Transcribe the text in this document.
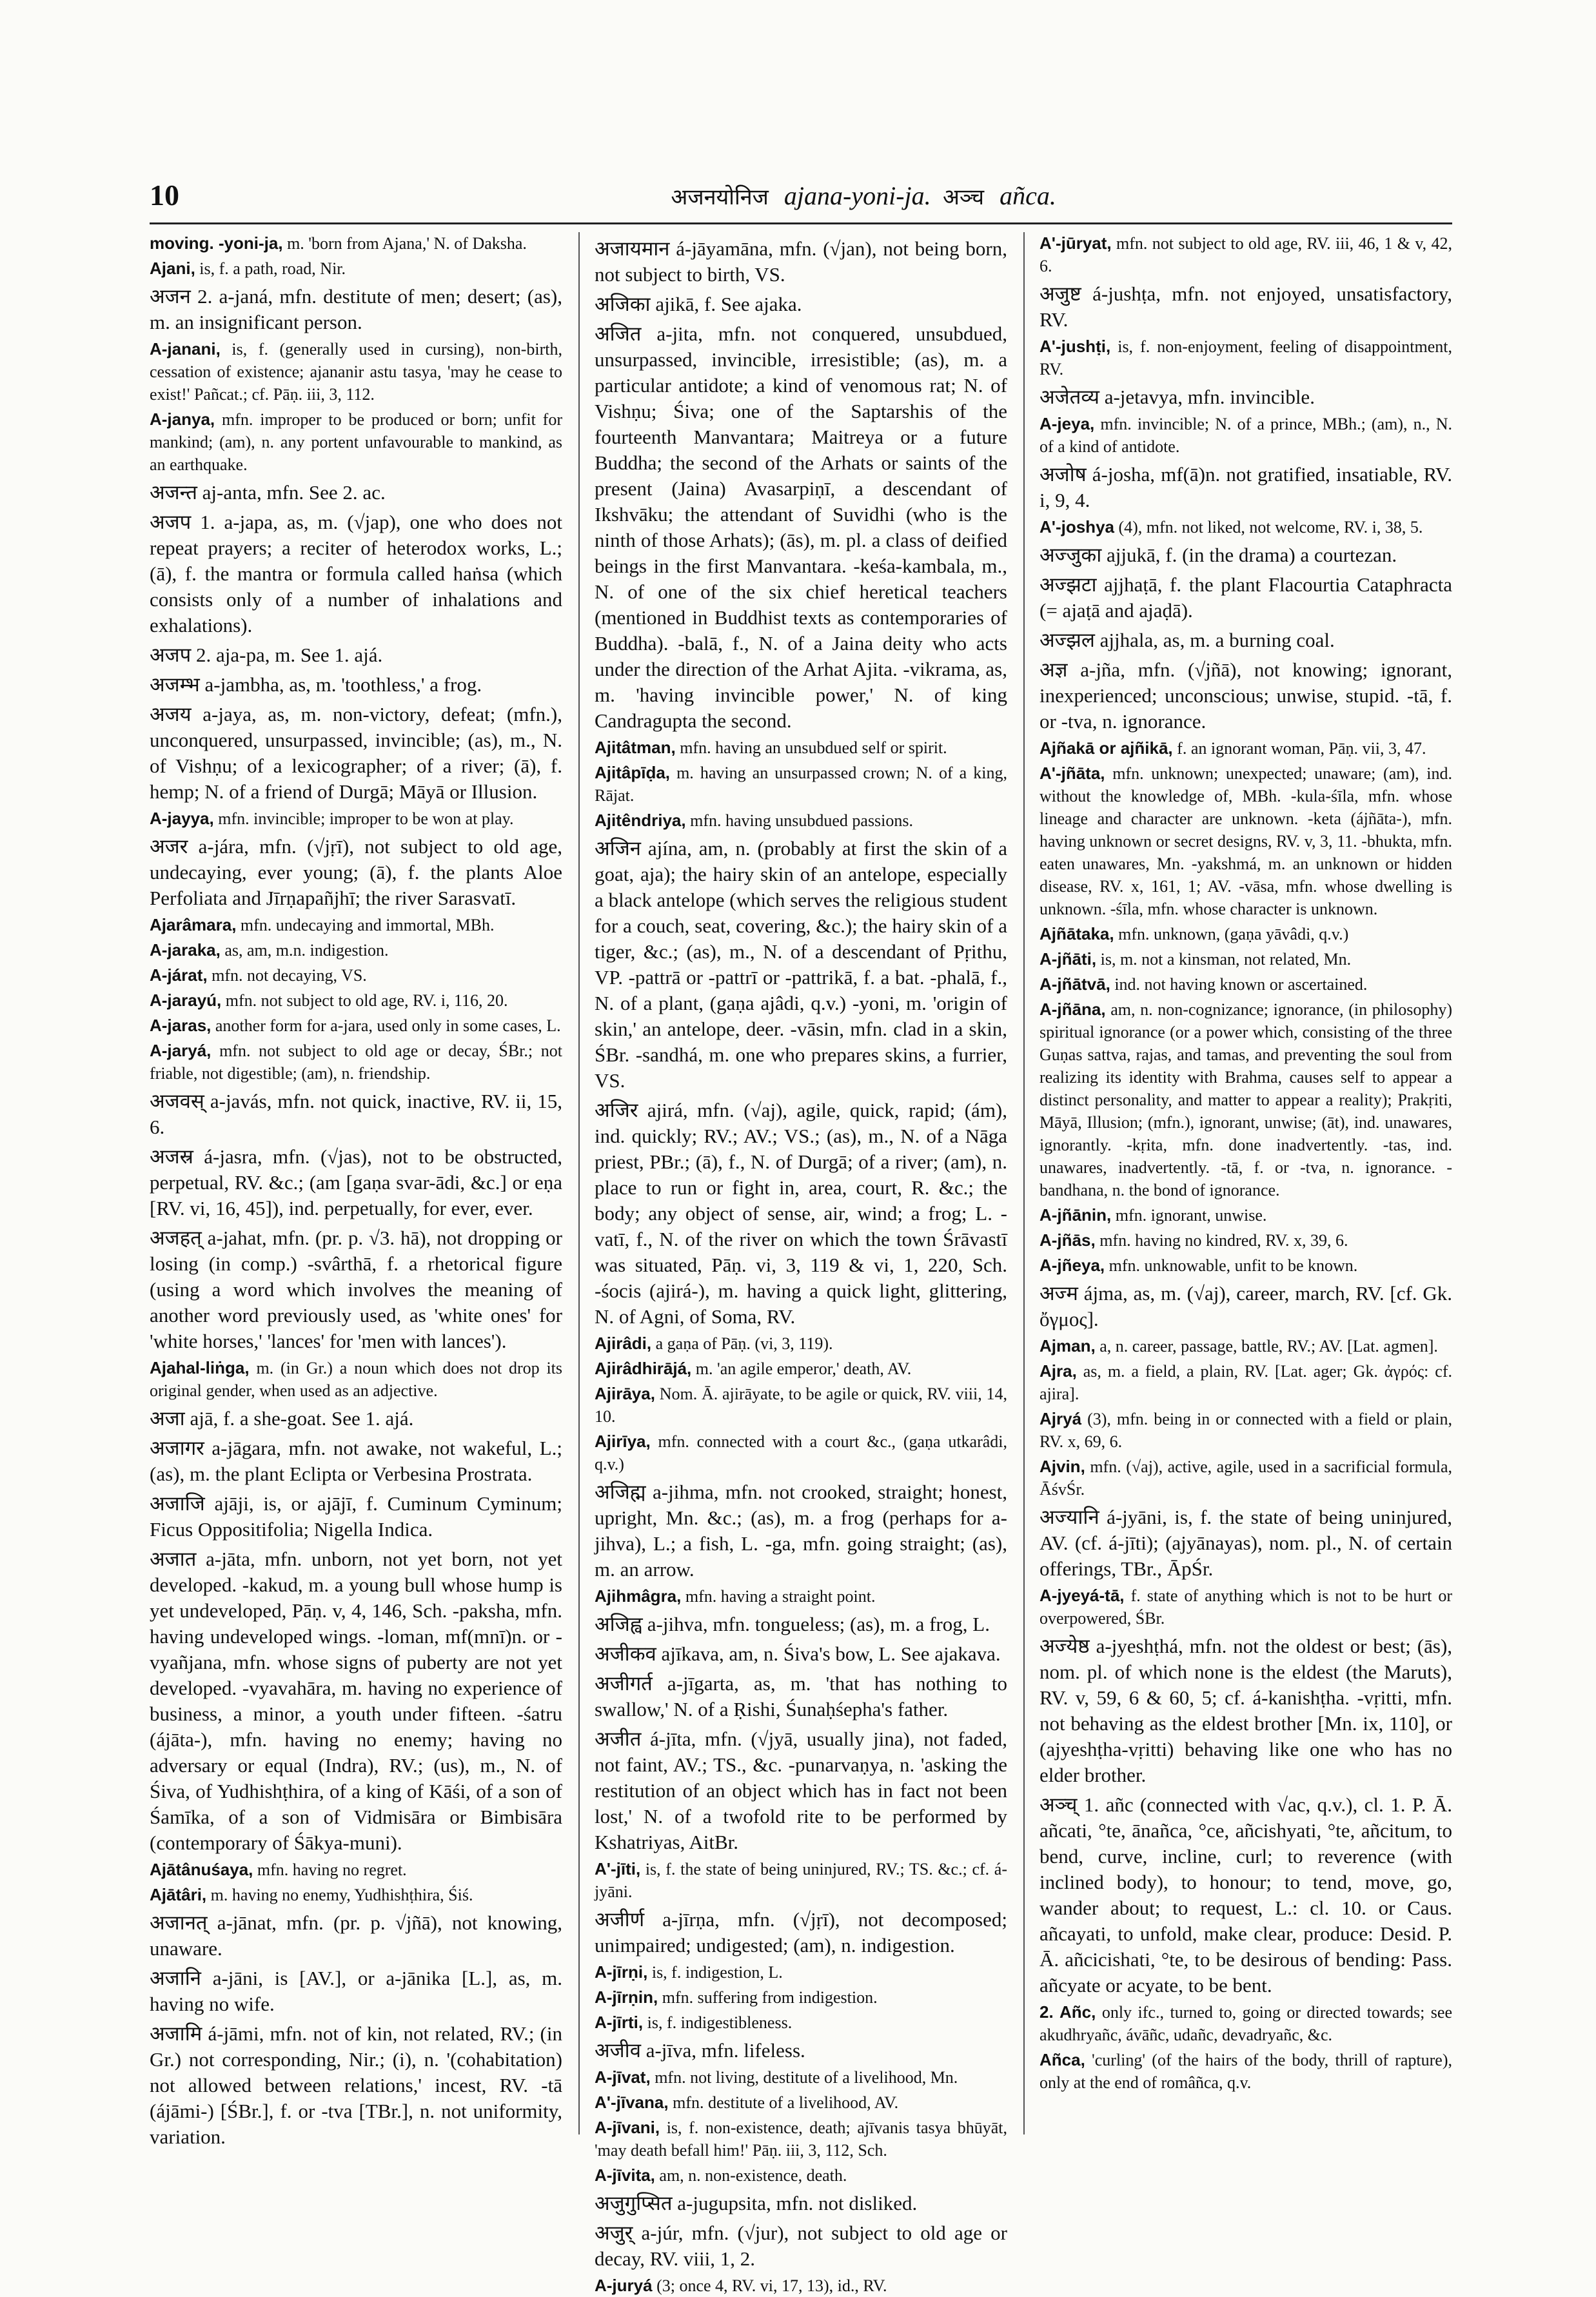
10	अजनयोनिज ajana-yoni-ja. अञ्च añca.

moving. -yoni-ja, m. 'born from Ajana,' N. of Daksha.

Ajani, is, f. a path, road, Nir.

अजन 2. a-janá, mfn. destitute of men; desert; (as), m. an insignificant person.

A-janani, is, f. (generally used in cursing), non-birth, cessation of existence; ajananir astu tasya, 'may he cease to exist!' Pañcat.; cf. Pāṇ. iii, 3, 112.

A-janya, mfn. improper to be produced or born; unfit for mankind; (am), n. any portent unfavourable to mankind, as an earthquake.

अजन्त aj-anta, mfn. See 2. ac.

अजप 1. a-japa, as, m. (√jap), one who does not repeat prayers; a reciter of heterodox works, L.; (ā), f. the mantra or formula called haṅsa (which consists only of a number of inhalations and exhalations).

अजप 2. aja-pa, m. See 1. ajá.

अजम्भ a-jambha, as, m. 'toothless,' a frog.

अजय a-jaya, as, m. non-victory, defeat; (mfn.), unconquered, unsurpassed, invincible; (as), m., N. of Vishṇu; of a lexicographer; of a river; (ā), f. hemp; N. of a friend of Durgā; Māyā or Illusion.

A-jayya, mfn. invincible; improper to be won at play.

अजर a-jára, mfn. (√jṛī), not subject to old age, undecaying, ever young; (ā), f. the plants Aloe Perfoliata and Jīrṇapañjhī; the river Sarasvatī.

Ajarâmara, mfn. undecaying and immortal, MBh.

A-jaraka, as, am, m.n. indigestion.

A-járat, mfn. not decaying, VS.

A-jarayú, mfn. not subject to old age, RV. i, 116, 20.

A-jaras, another form for a-jara, used only in some cases, L.

A-jaryá, mfn. not subject to old age or decay, ŚBr.; not friable, not digestible; (am), n. friendship.

अजवस् a-javás, mfn. not quick, inactive, RV. ii, 15, 6.

अजस्र á-jasra, mfn. (√jas), not to be obstructed, perpetual, RV. &c.; (am [gaṇa svar-ādi, &c.] or eṇa [RV. vi, 16, 45]), ind. perpetually, for ever, ever.

अजहत् a-jahat, mfn. (pr. p. √3. hā), not dropping or losing (in comp.) -svârthā, f. a rhetorical figure (using a word which involves the meaning of another word previously used, as 'white ones' for 'white horses,' 'lances' for 'men with lances').

Ajahal-liṅga, m. (in Gr.) a noun which does not drop its original gender, when used as an adjective.

अजा ajā, f. a she-goat. See 1. ajá.

अजागर a-jāgara, mfn. not awake, not wakeful, L.; (as), m. the plant Eclipta or Verbesina Prostrata.

अजाजि ajāji, is, or ajājī, f. Cuminum Cyminum; Ficus Oppositifolia; Nigella Indica.

अजात a-jāta, mfn. unborn, not yet born, not yet developed. -kakud, m. a young bull whose hump is yet undeveloped, Pāṇ. v, 4, 146, Sch. -paksha, mfn. having undeveloped wings. -loman, mf(mnī)n. or -vyañjana, mfn. whose signs of puberty are not yet developed. -vyavahāra, m. having no experience of business, a minor, a youth under fifteen. -śatru (ájāta-), mfn. having no enemy; having no adversary or equal (Indra), RV.; (us), m., N. of Śiva, of Yudhishṭhira, of a king of Kāśi, of a son of Śamīka, of a son of Vidmisāra or Bimbisāra (contemporary of Śākya-muni).

Ajātânuśaya, mfn. having no regret.

Ajātâri, m. having no enemy, Yudhishṭhira, Śiś.

अजानत् a-jānat, mfn. (pr. p. √jñā), not knowing, unaware.

अजानि a-jāni, is [AV.], or a-jānika [L.], as, m. having no wife.

अजामि á-jāmi, mfn. not of kin, not related, RV.; (in Gr.) not corresponding, Nir.; (i), n. '(cohabitation) not allowed between relations,' incest, RV. -tā (ájāmi-) [ŚBr.], f. or -tva [TBr.], n. not uniformity, variation.

अजायमान á-jāyamāna, mfn. (√jan), not being born, not subject to birth, VS.

अजिका ajikā, f. See ajaka.

अजित a-jita, mfn. not conquered, unsubdued, unsurpassed, invincible, irresistible; (as), m. a particular antidote; a kind of venomous rat; N. of Vishṇu; Śiva; one of the Saptarshis of the fourteenth Manvantara; Maitreya or a future Buddha; the second of the Arhats or saints of the present (Jaina) Avasarpiṇī, a descendant of Ikshvāku; the attendant of Suvidhi (who is the ninth of those Arhats); (ās), m. pl. a class of deified beings in the first Manvantara. -keśa-kambala, m., N. of one of the six chief heretical teachers (mentioned in Buddhist texts as contemporaries of Buddha). -balā, f., N. of a Jaina deity who acts under the direction of the Arhat Ajita. -vikrama, as, m. 'having invincible power,' N. of king Candragupta the second.

Ajitâtman, mfn. having an unsubdued self or spirit.

Ajitâpīḍa, m. having an unsurpassed crown; N. of a king, Rājat.

Ajitêndriya, mfn. having unsubdued passions.

अजिन ajína, am, n. (probably at first the skin of a goat, aja); the hairy skin of an antelope, especially a black antelope (which serves the religious student for a couch, seat, covering, &c.); the hairy skin of a tiger, &c.; (as), m., N. of a descendant of Pṛithu, VP. -pattrā or -pattrī or -pattrikā, f. a bat. -phalā, f., N. of a plant, (gaṇa ajâdi, q.v.) -yoni, m. 'origin of skin,' an antelope, deer. -vāsin, mfn. clad in a skin, ŚBr. -sandhá, m. one who prepares skins, a furrier, VS.

अजिर ajirá, mfn. (√aj), agile, quick, rapid; (ám), ind. quickly; RV.; AV.; VS.; (as), m., N. of a Nāga priest, PBr.; (ā), f., N. of Durgā; of a river; (am), n. place to run or fight in, area, court, R. &c.; the body; any object of sense, air, wind; a frog; L. -vatī, f., N. of the river on which the town Śrāvastī was situated, Pāṇ. vi, 3, 119 & vi, 1, 220, Sch. -śocis (ajirá-), m. having a quick light, glittering, N. of Agni, of Soma, RV.

Ajirâdi, a gaṇa of Pāṇ. (vi, 3, 119).

Ajirâdhirājá, m. 'an agile emperor,' death, AV.

Ajirāya, Nom. Ā. ajirāyate, to be agile or quick, RV. viii, 14, 10.

Ajirīya, mfn. connected with a court &c., (gaṇa utkarâdi, q.v.)

अजिह्म a-jihma, mfn. not crooked, straight; honest, upright, Mn. &c.; (as), m. a frog (perhaps for a-jihva), L.; a fish, L. -ga, mfn. going straight; (as), m. an arrow.

Ajihmâgra, mfn. having a straight point.

अजिह्व a-jihva, mfn. tongueless; (as), m. a frog, L.

अजीकव ajīkava, am, n. Śiva's bow, L. See ajakava.

अजीगर्त a-jīgarta, as, m. 'that has nothing to swallow,' N. of a Ṛishi, Śunaḥśepha's father.

अजीत á-jīta, mfn. (√jyā, usually jina), not faded, not faint, AV.; TS., &c. -punarvaṇya, n. 'asking the restitution of an object which has in fact not been lost,' N. of a twofold rite to be performed by Kshatriyas, AitBr.

A'-jīti, is, f. the state of being uninjured, RV.; TS. &c.; cf. á-jyāni.

अजीर्ण a-jīrṇa, mfn. (√jṛī), not decomposed; unimpaired; undigested; (am), n. indigestion.

A-jīrṇi, is, f. indigestion, L.

A-jīrṇin, mfn. suffering from indigestion.

A-jīrti, is, f. indigestibleness.

अजीव a-jīva, mfn. lifeless.

A-jīvat, mfn. not living, destitute of a livelihood, Mn.

A'-jīvana, mfn. destitute of a livelihood, AV.

A-jīvani, is, f. non-existence, death; ajīvanis tasya bhūyāt, 'may death befall him!' Pāṇ. iii, 3, 112, Sch.

A-jīvita, am, n. non-existence, death.

अजुगुप्सित a-jugupsita, mfn. not disliked.

अजुर् a-júr, mfn. (√jur), not subject to old age or decay, RV. viii, 1, 2.

A-juryá (3; once 4, RV. vi, 17, 13), id., RV.

A'-jūryat, mfn. not subject to old age, RV. iii, 46, 1 & v, 42, 6.

अजुष्ट á-jushṭa, mfn. not enjoyed, unsatisfactory, RV.

A'-jushṭi, is, f. non-enjoyment, feeling of disappointment, RV.

अजेतव्य a-jetavya, mfn. invincible.

A-jeya, mfn. invincible; N. of a prince, MBh.; (am), n., N. of a kind of antidote.

अजोष á-josha, mf(ā)n. not gratified, insatiable, RV. i, 9, 4.

A'-joshya (4), mfn. not liked, not welcome, RV. i, 38, 5.

अज्जुका ajjukā, f. (in the drama) a courtezan.

अज्झटा ajjhaṭā, f. the plant Flacourtia Cataphracta (= ajaṭā and ajaḍā).

अज्झल ajjhala, as, m. a burning coal.

अज्ञ a-jña, mfn. (√jñā), not knowing; ignorant, inexperienced; unconscious; unwise, stupid. -tā, f. or -tva, n. ignorance.

Ajñakā or ajñikā, f. an ignorant woman, Pāṇ. vii, 3, 47.

A'-jñāta, mfn. unknown; unexpected; unaware; (am), ind. without the knowledge of, MBh. -kula-śīla, mfn. whose lineage and character are unknown. -keta (ájñāta-), mfn. having unknown or secret designs, RV. v, 3, 11. -bhukta, mfn. eaten unawares, Mn. -yakshmá, m. an unknown or hidden disease, RV. x, 161, 1; AV. -vāsa, mfn. whose dwelling is unknown. -śīla, mfn. whose character is unknown.

Ajñātaka, mfn. unknown, (gaṇa yāvâdi, q.v.)

A-jñāti, is, m. not a kinsman, not related, Mn.

A-jñātvā, ind. not having known or ascertained.

A-jñāna, am, n. non-cognizance; ignorance, (in philosophy) spiritual ignorance (or a power which, consisting of the three Guṇas sattva, rajas, and tamas, and preventing the soul from realizing its identity with Brahma, causes self to appear a distinct personality, and matter to appear a reality); Prakṛiti, Māyā, Illusion; (mfn.), ignorant, unwise; (āt), ind. unawares, ignorantly. -kṛita, mfn. done inadvertently. -tas, ind. unawares, inadvertently. -tā, f. or -tva, n. ignorance. -bandhana, n. the bond of ignorance.

A-jñānin, mfn. ignorant, unwise.

A-jñās, mfn. having no kindred, RV. x, 39, 6.

A-jñeya, mfn. unknowable, unfit to be known.

अज्म ájma, as, m. (√aj), career, march, RV. [cf. Gk. ὄγμος].

Ajman, a, n. career, passage, battle, RV.; AV. [Lat. agmen].

Ajra, as, m. a field, a plain, RV. [Lat. ager; Gk. ἀγρός: cf. ajira].

Ajryá (3), mfn. being in or connected with a field or plain, RV. x, 69, 6.

Ajvin, mfn. (√aj), active, agile, used in a sacrificial formula, ĀśvŚr.

अज्यानि á-jyāni, is, f. the state of being uninjured, AV. (cf. á-jīti); (ajyānayas), nom. pl., N. of certain offerings, TBr., ĀpŚr.

A-jyeyá-tā, f. state of anything which is not to be hurt or overpowered, ŚBr.

अज्येष्ठ a-jyeshṭhá, mfn. not the oldest or best; (ās), nom. pl. of which none is the eldest (the Maruts), RV. v, 59, 6 & 60, 5; cf. á-kanishṭha. -vṛitti, mfn. not behaving as the eldest brother [Mn. ix, 110], or (ajyeshṭha-vṛitti) behaving like one who has no elder brother.

अञ्च् 1. añc (connected with √ac, q.v.), cl. 1. P. Ā. añcati, °te, ānañca, °ce, añcishyati, °te, añcitum, to bend, curve, incline, curl; to reverence (with inclined body), to honour; to tend, move, go, wander about; to request, L.: cl. 10. or Caus. añcayati, to unfold, make clear, produce: Desid. P. Ā. añcicishati, °te, to be desirous of bending: Pass. añcyate or acyate, to be bent.

2. Añc, only ifc., turned to, going or directed towards; see akudhryañc, ávāñc, udañc, devadryañc, &c.

Añca, 'curling' (of the hairs of the body, thrill of rapture), only at the end of româñca, q.v.
